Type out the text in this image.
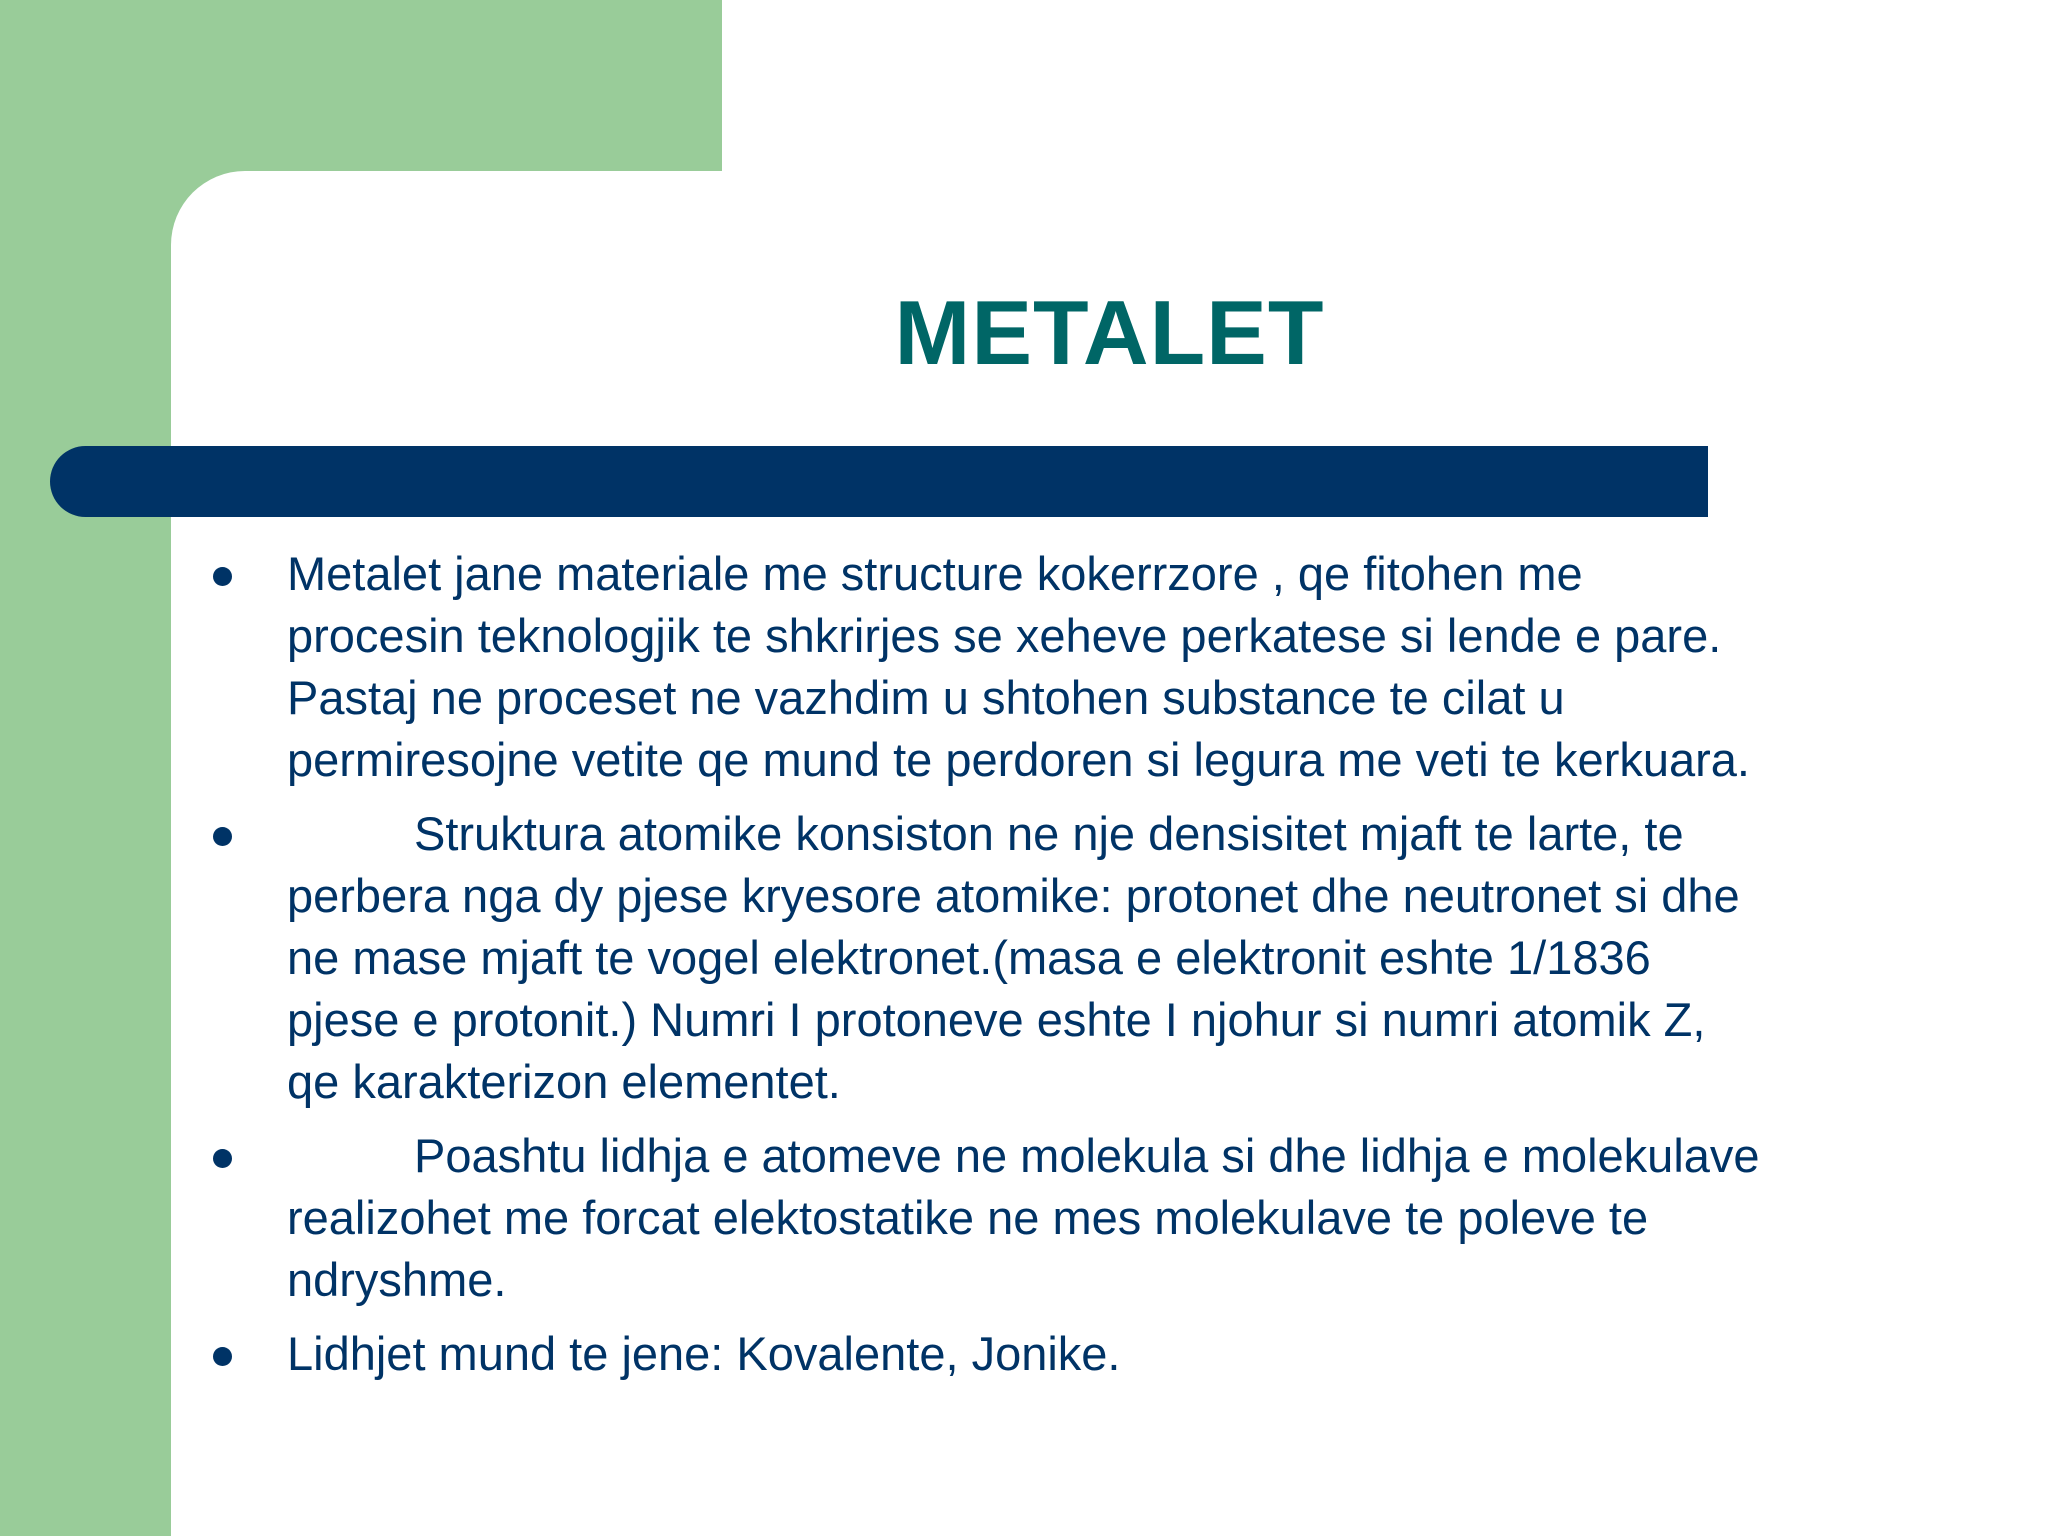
METALET
Metalet jane materiale me structure kokerrzore , qe fitohen me
procesin teknologjik te shkrirjes se xeheve perkatese si lende e pare.
Pastaj ne proceset ne vazhdim u shtohen substance te cilat u
permiresojne vetite qe mund te perdoren si legura me veti te kerkuara.
Struktura atomike konsiston ne nje densisitet mjaft te larte, te
perbera nga dy pjese kryesore atomike: protonet dhe neutronet si dhe
ne mase mjaft te vogel elektronet.(masa e elektronit eshte 1/1836
pjese e protonit.) Numri I protoneve eshte I njohur si numri atomik Z,
qe karakterizon elementet.
Poashtu lidhja e atomeve ne molekula si dhe lidhja e molekulave
realizohet me forcat elektostatike ne mes molekulave te poleve te
ndryshme.
Lidhjet mund te jene: Kovalente, Jonike.
